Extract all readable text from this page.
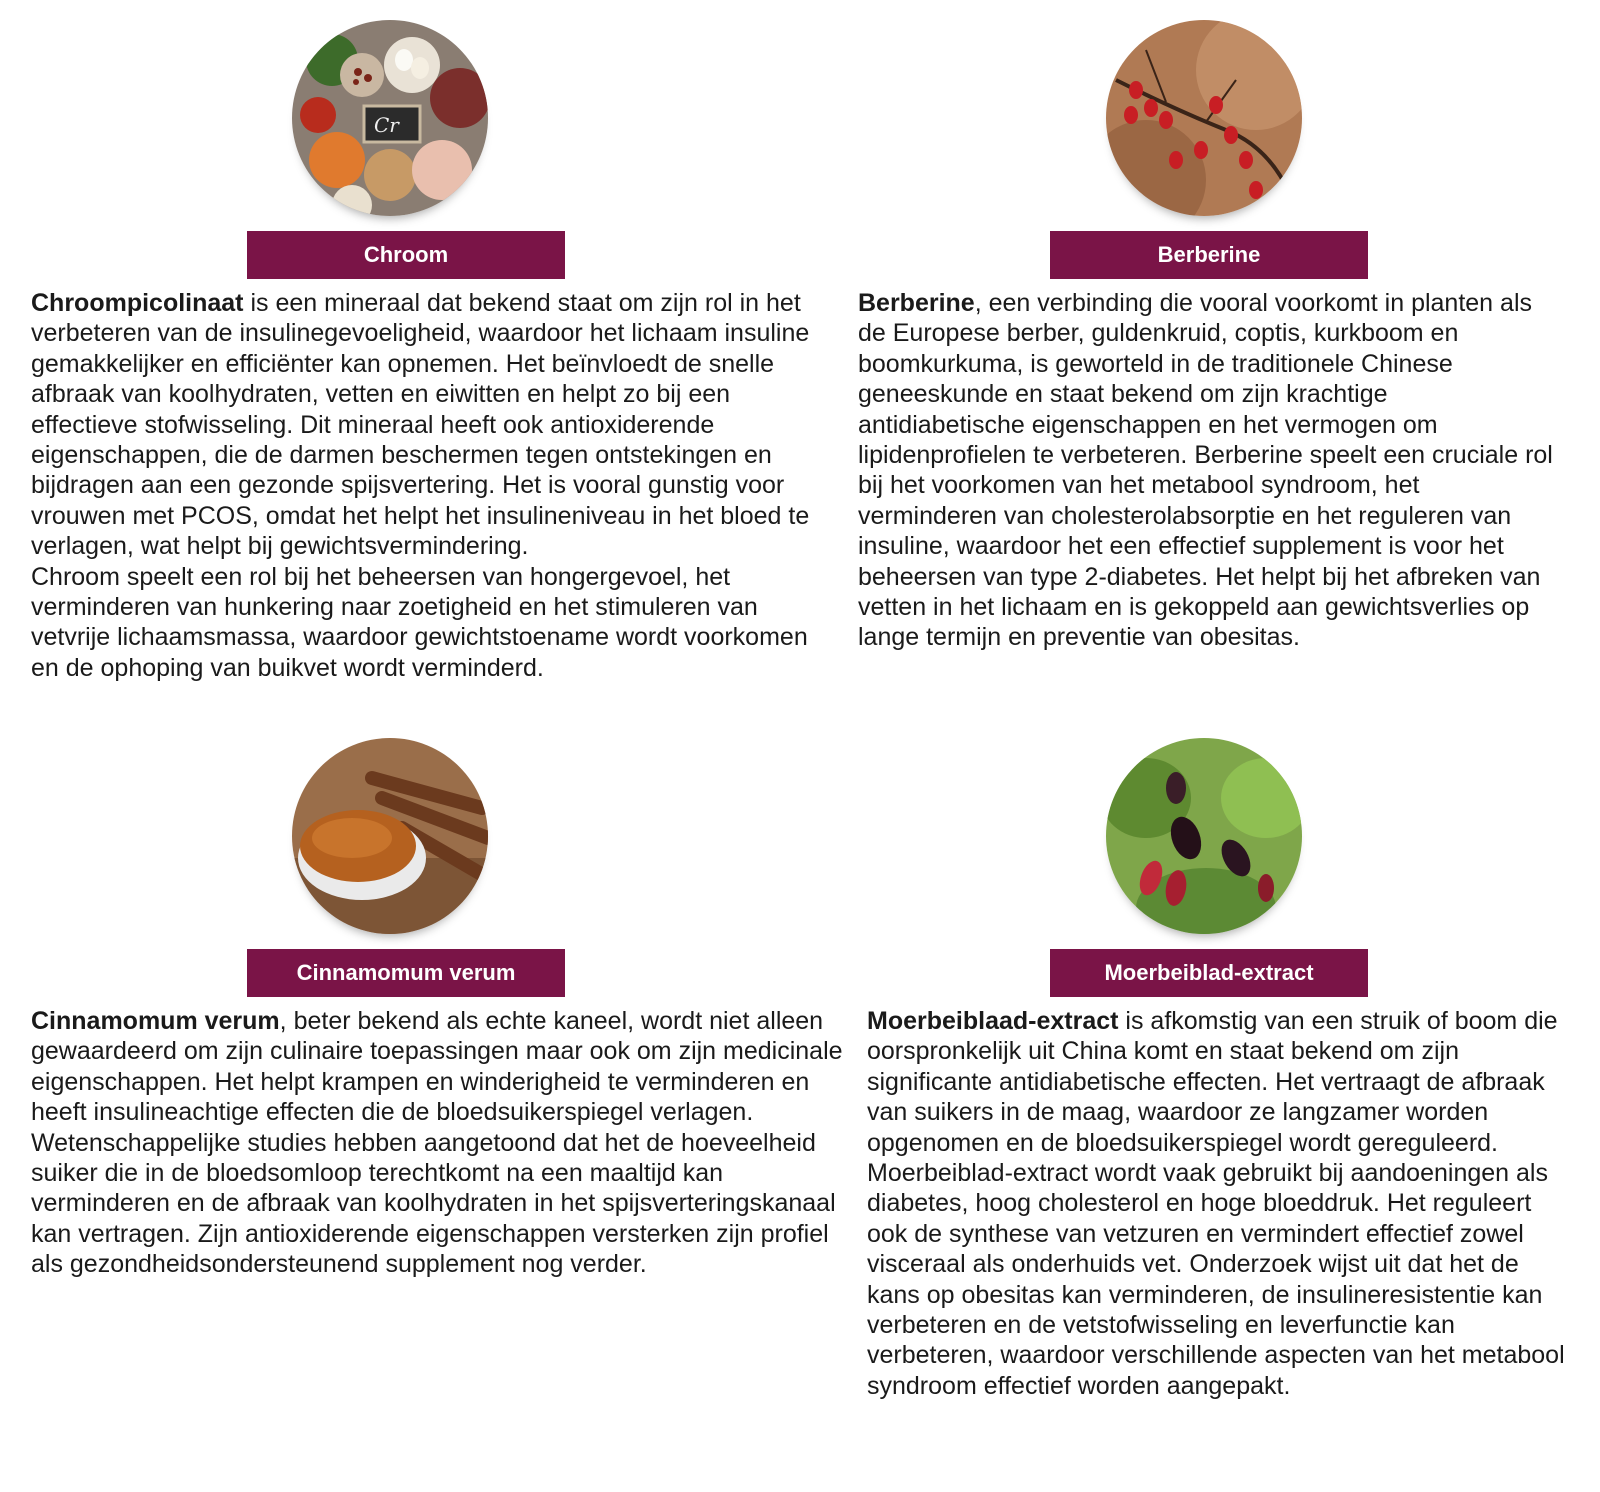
Cr
Chroom

Chroompicolinaat is een mineraal dat bekend staat om zijn rol in het verbeteren van de insulinegevoeligheid, waardoor het lichaam insuline gemakkelijker en efficiënter kan opnemen. Het beïnvloedt de snelle afbraak van koolhydraten, vetten en eiwitten en helpt zo bij een effectieve stofwisseling. Dit mineraal heeft ook antioxiderende eigenschappen, die de darmen beschermen tegen ontstekingen en bijdragen aan een gezonde spijsvertering. Het is vooral gunstig voor vrouwen met PCOS, omdat het helpt het insulineniveau in het bloed te verlagen, wat helpt bij gewichtsvermindering.

Chroom speelt een rol bij het beheersen van hongergevoel, het verminderen van hunkering naar zoetigheid en het stimuleren van vetvrije lichaamsmassa, waardoor gewichtstoename wordt voorkomen en de ophoping van buikvet wordt verminderd.

Berberine

Berberine, een verbinding die vooral voorkomt in planten als de Europese berber, guldenkruid, coptis, kurkboom en boomkurkuma, is geworteld in de traditionele Chinese geneeskunde en staat bekend om zijn krachtige antidiabetische eigenschappen en het vermogen om lipidenprofielen te verbeteren. Berberine speelt een cruciale rol bij het voorkomen van het metabool syndroom, het verminderen van cholesterolabsorptie en het reguleren van insuline, waardoor het een effectief supplement is voor het beheersen van type 2-diabetes. Het helpt bij het afbreken van vetten in het lichaam en is gekoppeld aan gewichtsverlies op lange termijn en preventie van obesitas.

Cinnamomum verum

Cinnamomum verum, beter bekend als echte kaneel, wordt niet alleen gewaardeerd om zijn culinaire toepassingen maar ook om zijn medicinale eigenschappen. Het helpt krampen en winderigheid te verminderen en heeft insulineachtige effecten die de bloedsuikerspiegel verlagen. Wetenschappelijke studies hebben aangetoond dat het de hoeveelheid suiker die in de bloedsomloop terechtkomt na een maaltijd kan verminderen en de afbraak van koolhydraten in het spijsverteringskanaal kan vertragen. Zijn antioxiderende eigenschappen versterken zijn profiel als gezondheidsondersteunend supplement nog verder.

Moerbeiblad-extract

Moerbeiblaad-extract is afkomstig van een struik of boom die oorspronkelijk uit China komt en staat bekend om zijn significante antidiabetische effecten. Het vertraagt de afbraak van suikers in de maag, waardoor ze langzamer worden opgenomen en de bloedsuikerspiegel wordt gereguleerd.

Moerbeiblad-extract wordt vaak gebruikt bij aandoeningen als diabetes, hoog cholesterol en hoge bloeddruk. Het reguleert ook de synthese van vetzuren en vermindert effectief zowel visceraal als onderhuids vet. Onderzoek wijst uit dat het de kans op obesitas kan verminderen, de insulineresistentie kan verbeteren en de vetstofwisseling en leverfunctie kan verbeteren, waardoor verschillende aspecten van het metabool syndroom effectief worden aangepakt.
